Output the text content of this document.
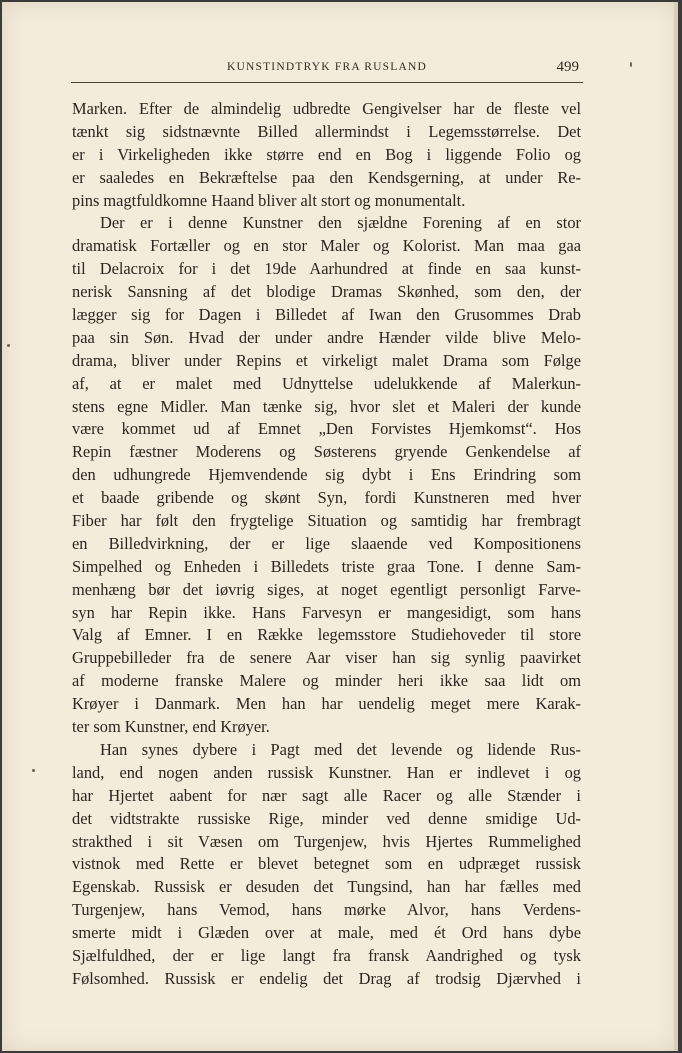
KUNSTINDTRYK FRA RUSLAND	499
Marken. Efter de almindelig udbredte Gengivelser har de fleste vel
tænkt sig sidstnævnte Billed allermindst i Legemsstørrelse. Det
er i Virkeligheden ikke større end en Bog i liggende Folio og
er saaledes en Bekræftelse paa den Kendsgerning, at under Re-
pins magtfuldkomne Haand bliver alt stort og monumentalt.
Der er i denne Kunstner den sjældne Forening af en stor
dramatisk Fortæller og en stor Maler og Kolorist. Man maa gaa
til Delacroix for i det 19de Aarhundred at finde en saa kunst-
nerisk Sansning af det blodige Dramas Skønhed, som den, der
lægger sig for Dagen i Billedet af Iwan den Grusommes Drab
paa sin Søn. Hvad der under andre Hænder vilde blive Melo-
drama, bliver under Repins et virkeligt malet Drama som Følge
af, at er malet med Udnyttelse udelukkende af Malerkun-
stens egne Midler. Man tænke sig, hvor slet et Maleri der kunde
være kommet ud af Emnet „Den Forvistes Hjemkomst“. Hos
Repin fæstner Moderens og Søsterens gryende Genkendelse af
den udhungrede Hjemvendende sig dybt i Ens Erindring som
et baade gribende og skønt Syn, fordi Kunstneren med hver
Fiber har følt den frygtelige Situation og samtidig har frembragt
en Billedvirkning, der er lige slaaende ved Kompositionens
Simpelhed og Enheden i Billedets triste graa Tone. I denne Sam-
menhæng bør det iøvrig siges, at noget egentligt personligt Farve-
syn har Repin ikke. Hans Farvesyn er mangesidigt, som hans
Valg af Emner. I en Række legemsstore Studiehoveder til store
Gruppebilleder fra de senere Aar viser han sig synlig paavirket
af moderne franske Malere og minder heri ikke saa lidt om
Krøyer i Danmark. Men han har uendelig meget mere Karak-
ter som Kunstner, end Krøyer.
Han synes dybere i Pagt med det levende og lidende Rus-
land, end nogen anden russisk Kunstner. Han er indlevet i og
har Hjertet aabent for nær sagt alle Racer og alle Stænder i
det vidtstrakte russiske Rige, minder ved denne smidige Ud-
strakthed i sit Væsen om Turgenjew, hvis Hjertes Rummelighed
vistnok med Rette er blevet betegnet som en udpræget russisk
Egenskab. Russisk er desuden det Tungsind, han har fælles med
Turgenjew, hans Vemod, hans mørke Alvor, hans Verdens-
smerte midt i Glæden over at male, med ét Ord hans dybe
Sjælfuldhed, der er lige langt fra fransk Aandrighed og tysk
Følsomhed. Russisk er endelig det Drag af trodsig Djærvhed i
